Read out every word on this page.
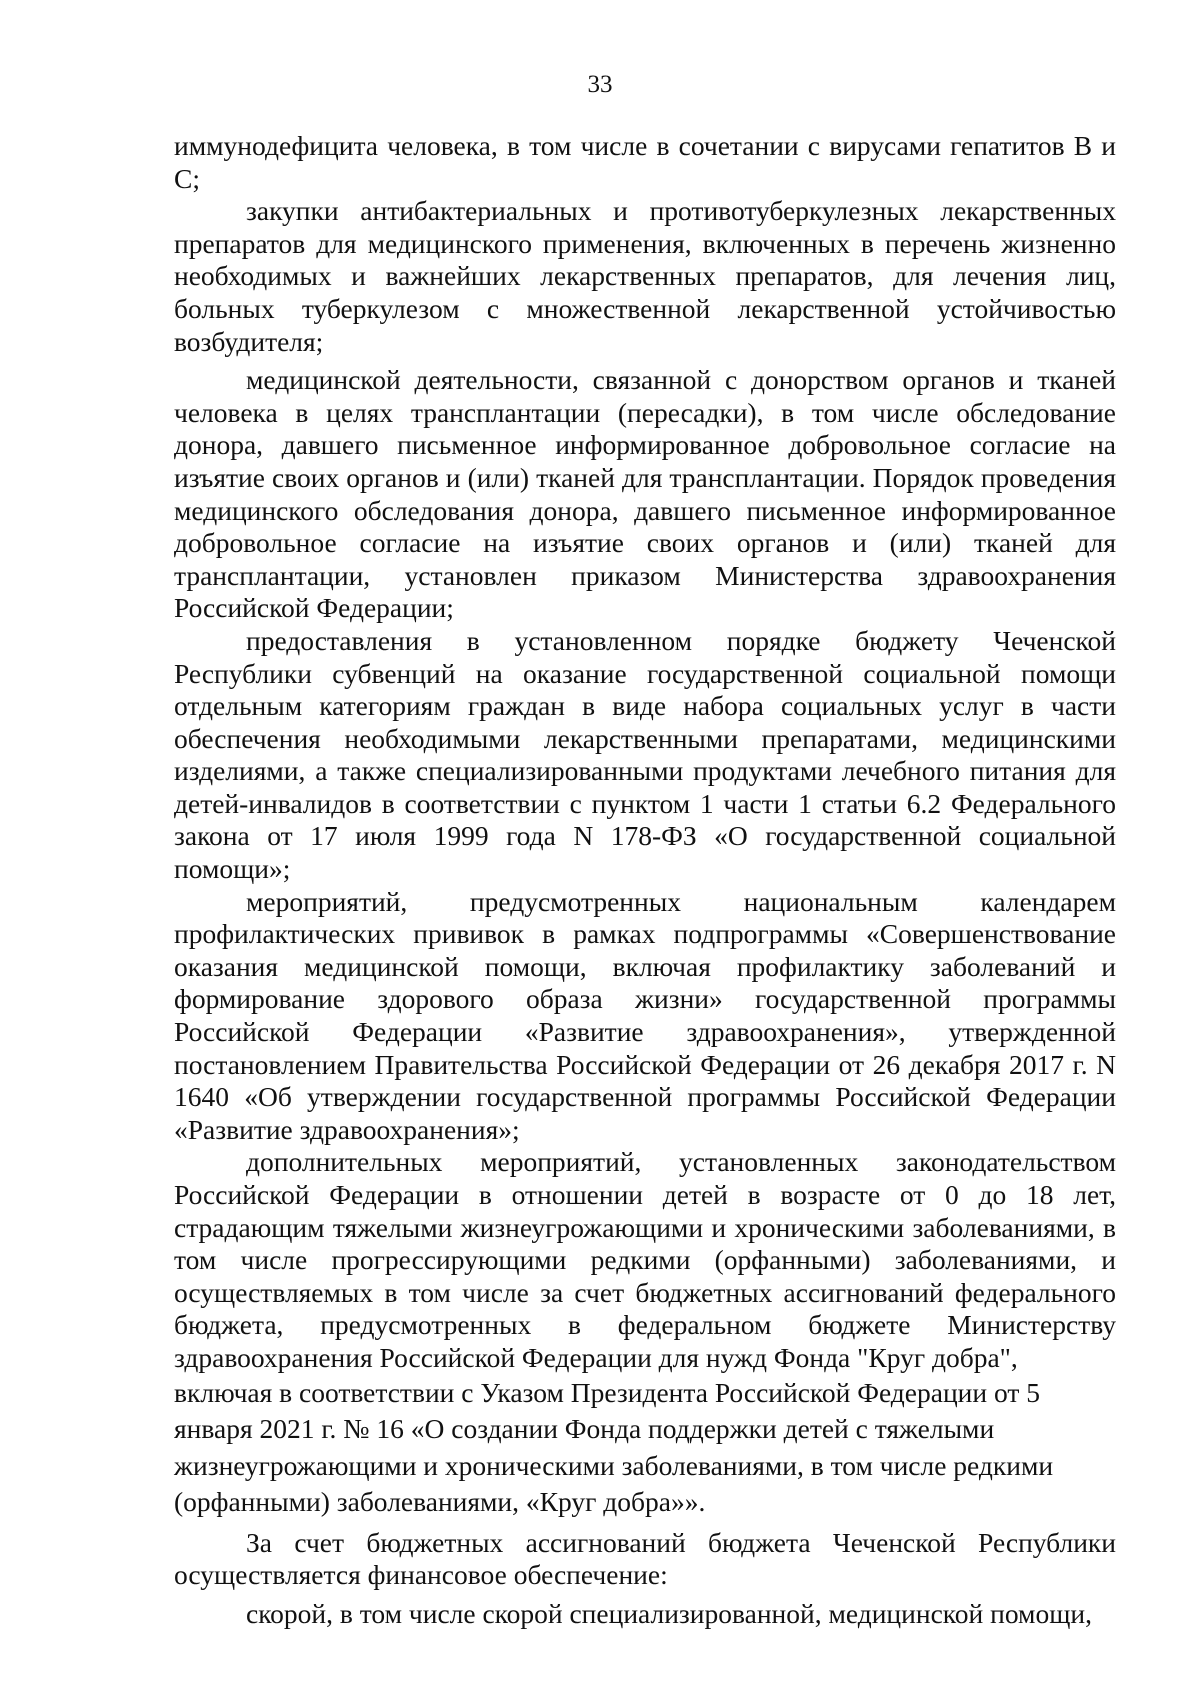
33

иммунодефицита человека, в том числе в сочетании с вирусами гепатитов В и С;

закупки антибактериальных и противотуберкулезных лекарственных препаратов для медицинского применения, включенных в перечень жизненно необходимых и важнейших лекарственных препаратов, для лечения лиц, больных туберкулезом с множественной лекарственной устойчивостью возбудителя;

медицинской деятельности, связанной с донорством органов и тканей человека в целях трансплантации (пересадки), в том числе обследование донора, давшего письменное информированное добровольное согласие на изъятие своих органов и (или) тканей для трансплантации. Порядок проведения медицинского обследования донора, давшего письменное информированное добровольное согласие на изъятие своих органов и (или) тканей для трансплантации, установлен приказом Министерства здравоохранения Российской Федерации;

предоставления в установленном порядке бюджету Чеченской Республики субвенций на оказание государственной социальной помощи отдельным категориям граждан в виде набора социальных услуг в части обеспечения необходимыми лекарственными препаратами, медицинскими изделиями, а также специализированными продуктами лечебного питания для детей-инвалидов в соответствии с пунктом 1 части 1 статьи 6.2 Федерального закона от 17 июля 1999 года N 178-ФЗ «О государственной социальной помощи»;

мероприятий, предусмотренных национальным календарем профилактических прививок в рамках подпрограммы «Совершенствование оказания медицинской помощи, включая профилактику заболеваний и формирование здорового образа жизни» государственной программы Российской Федерации «Развитие здравоохранения», утвержденной постановлением Правительства Российской Федерации от 26 декабря 2017 г. N 1640 «Об утверждении государственной программы Российской Федерации «Развитие здравоохранения»;

дополнительных мероприятий, установленных законодательством Российской Федерации в отношении детей в возрасте от 0 до 18 лет, страдающим тяжелыми жизнеугрожающими и хроническими заболеваниями, в том числе прогрессирующими редкими (орфанными) заболеваниями, и осуществляемых в том числе за счет бюджетных ассигнований федерального бюджета, предусмотренных в федеральном бюджете Министерству здравоохранения Российской Федерации для нужд Фонда "Круг добра",

включая в соответствии с Указом Президента Российской Федерации от 5 января 2021 г. № 16 «О создании Фонда поддержки детей с тяжелыми жизнеугрожающими и хроническими заболеваниями, в том числе редкими (орфанными) заболеваниями, «Круг добра»».

За счет бюджетных ассигнований бюджета Чеченской Республики осуществляется финансовое обеспечение:

скорой, в том числе скорой специализированной, медицинской помощи,
